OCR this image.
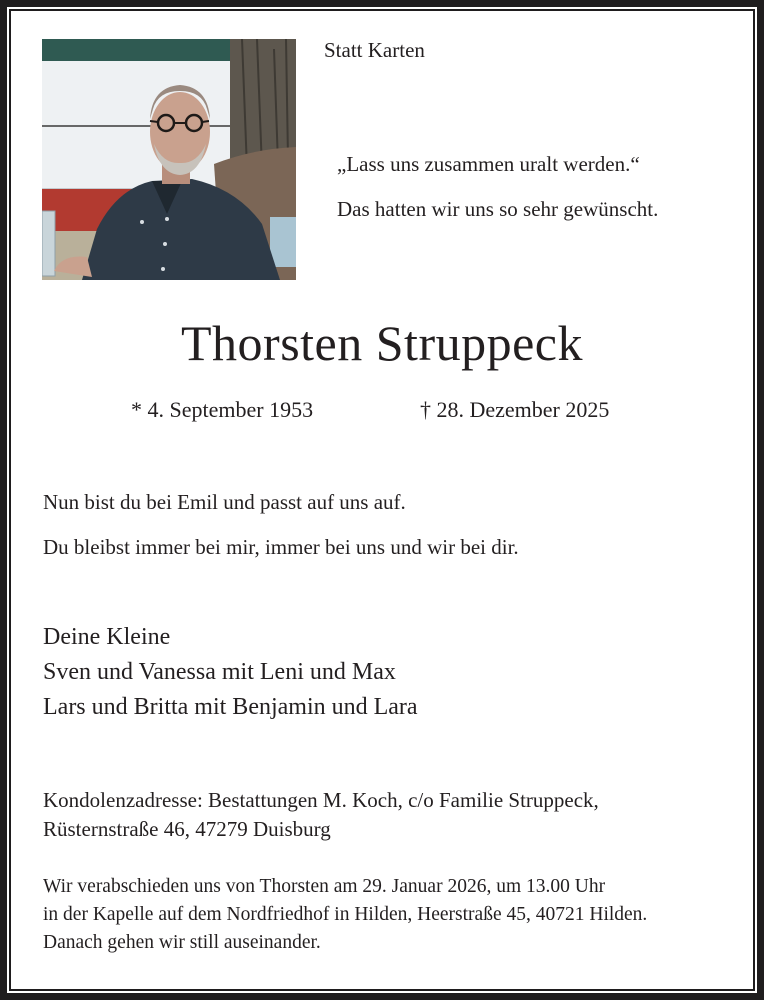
Statt Karten
„Lass uns zusammen uralt werden.“
Das hatten wir uns so sehr gewünscht.
Thorsten Struppeck
* 4. September 1953	† 28. Dezember 2025
Nun bist du bei Emil und passt auf uns auf.
Du bleibst immer bei mir, immer bei uns und wir bei dir.
Deine Kleine
Sven und Vanessa mit Leni und Max
Lars und Britta mit Benjamin und Lara
Kondolenzadresse: Bestattungen M. Koch, c/o Familie Struppeck,
Rüsternstraße 46, 47279 Duisburg
Wir verabschieden uns von Thorsten am 29. Januar 2026, um 13.00 Uhr
in der Kapelle auf dem Nordfriedhof in Hilden, Heerstraße 45, 40721 Hilden.
Danach gehen wir still auseinander.
